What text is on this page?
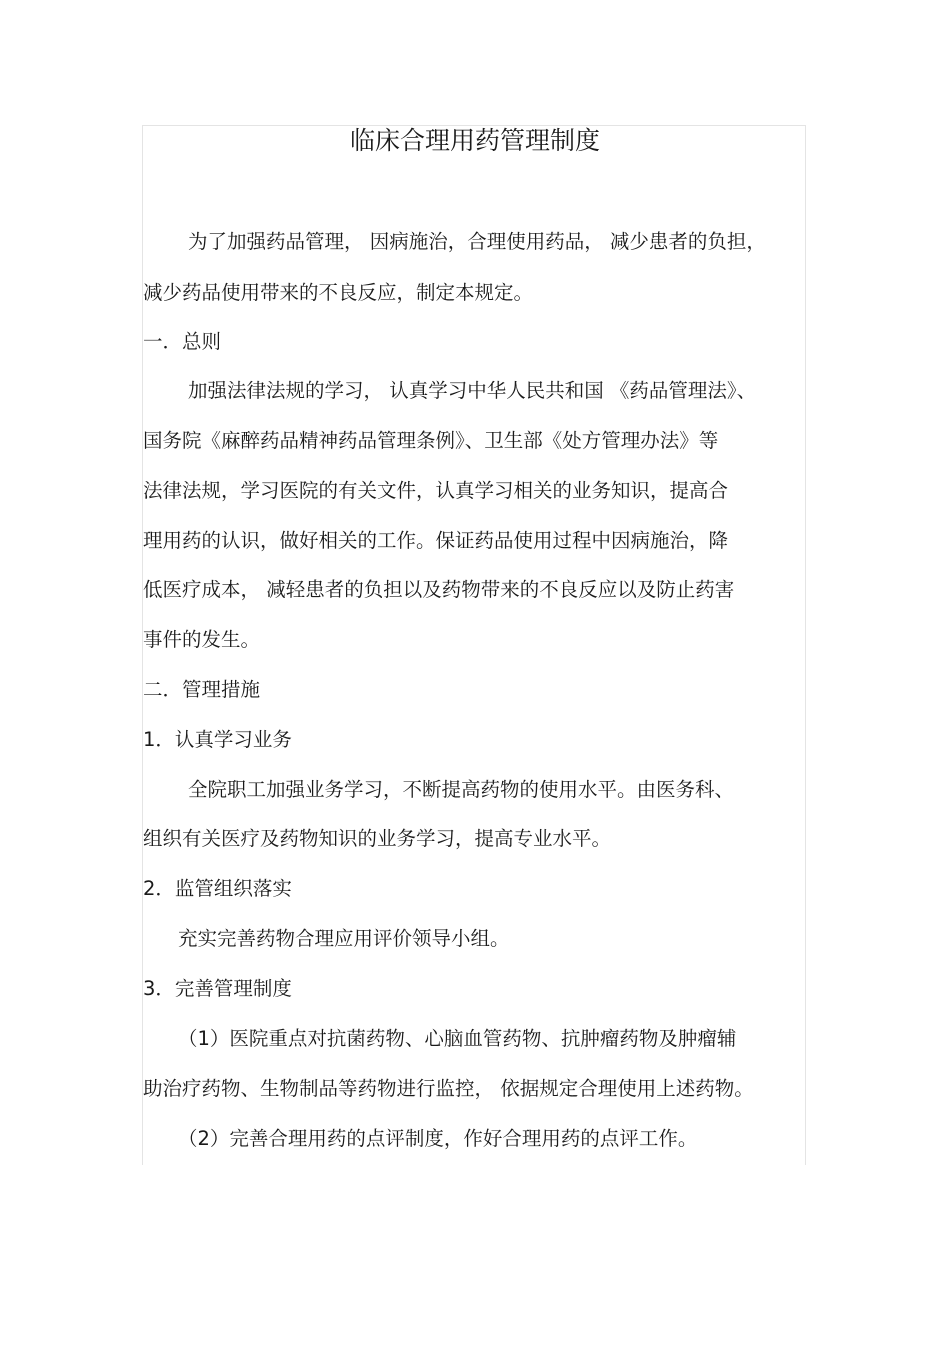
临床合理用药管理制度
为了加强药品管理， 因病施治，合理使用药品， 减少患者的负担，
减少药品使用带来的不良反应，制定本规定。
一．总则
加强法律法规的学习， 认真学习中华人民共和国 《药品管理法》、
国务院《麻醉药品精神药品管理条例》、卫生部《处方管理办法》等
法律法规，学习医院的有关文件，认真学习相关的业务知识，提高合
理用药的认识，做好相关的工作。保证药品使用过程中因病施治，降
低医疗成本， 减轻患者的负担以及药物带来的不良反应以及防止药害
事件的发生。
二．管理措施
1．认真学习业务
全院职工加强业务学习，不断提高药物的使用水平。由医务科、
组织有关医疗及药物知识的业务学习，提高专业水平。
2．监管组织落实
充实完善药物合理应用评价领导小组。
3．完善管理制度
（1）医院重点对抗菌药物、心脑血管药物、抗肿瘤药物及肿瘤辅
助治疗药物、生物制品等药物进行监控， 依据规定合理使用上述药物。
（2）完善合理用药的点评制度，作好合理用药的点评工作。
